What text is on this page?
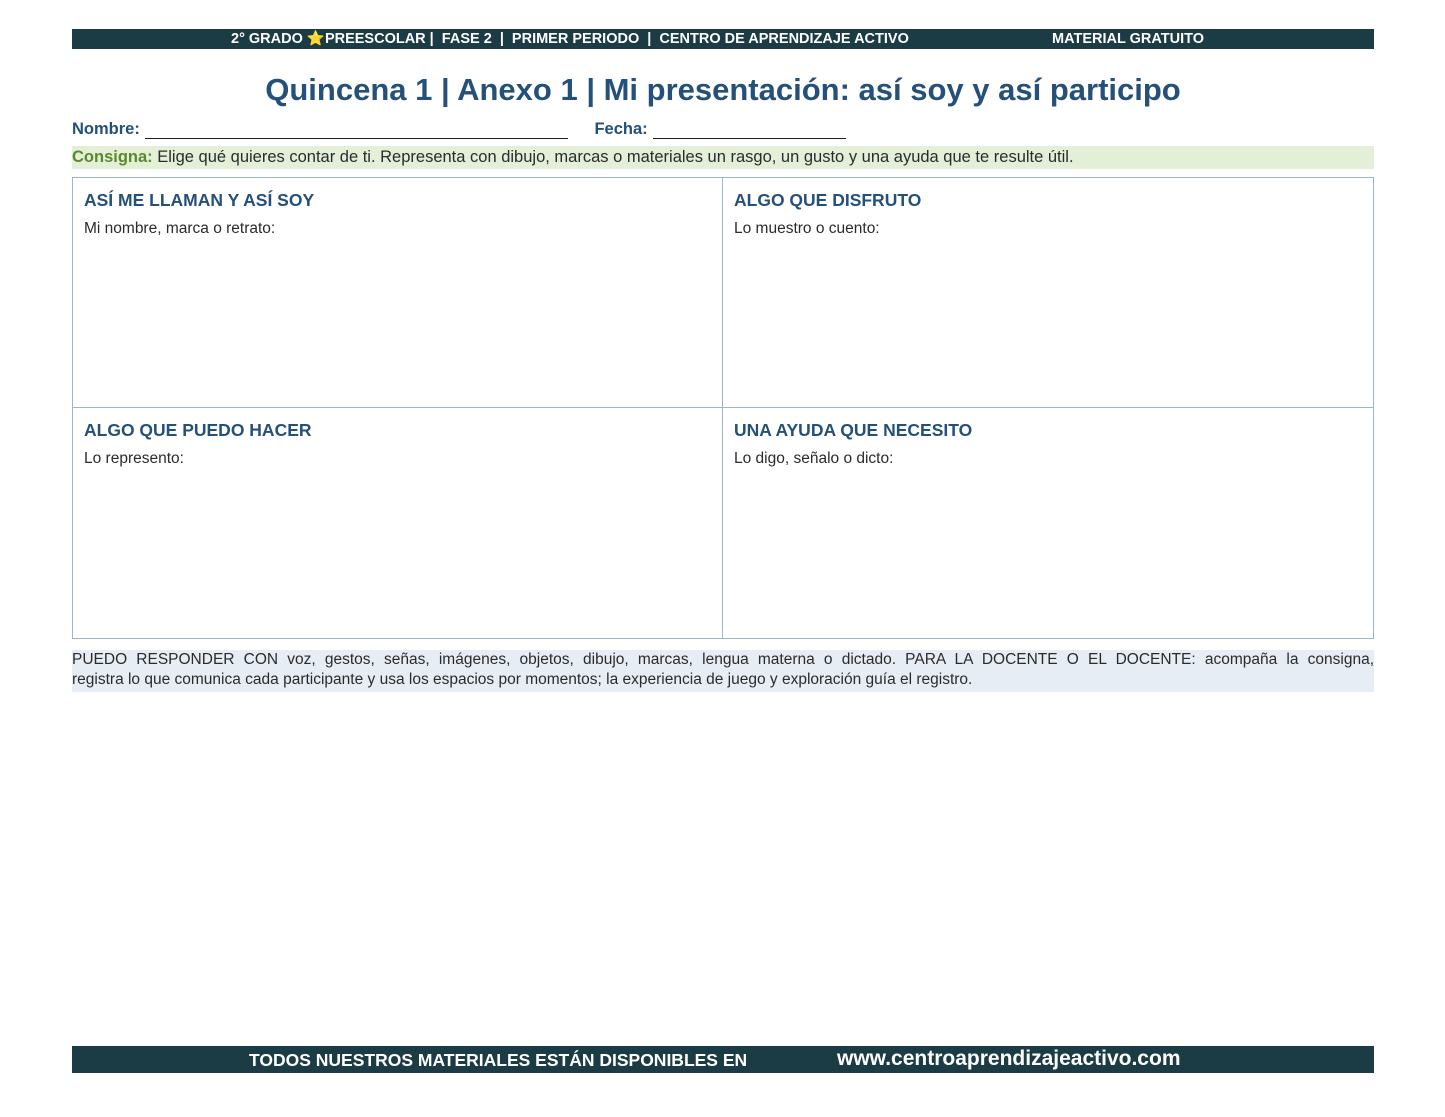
2° GRADO ⭐PREESCOLAR |  FASE 2  |  PRIMER PERIODO  |  CENTRO DE APRENDIZAJE ACTIVO	MATERIAL GRATUITO
Quincena 1 | Anexo 1 | Mi presentación: así soy y así participo
Nombre:	Fecha:
Consigna: Elige qué quieres contar de ti. Representa con dibujo, marcas o materiales un rasgo, un gusto y una ayuda que te resulte útil.
ASÍ ME LLAMAN Y ASÍ SOY
Mi nombre, marca o retrato:
ALGO QUE DISFRUTO
Lo muestro o cuento:
ALGO QUE PUEDO HACER
Lo represento:
UNA AYUDA QUE NECESITO
Lo digo, señalo o dicto:
PUEDO RESPONDER CON voz, gestos, señas, imágenes, objetos, dibujo, marcas, lengua materna o dictado. PARA LA DOCENTE O EL DOCENTE: acompaña la consigna,
registra lo que comunica cada participante y usa los espacios por momentos; la experiencia de juego y exploración guía el registro.
TODOS NUESTROS MATERIALES ESTÁN DISPONIBLES EN	www.centroaprendizajeactivo.com
